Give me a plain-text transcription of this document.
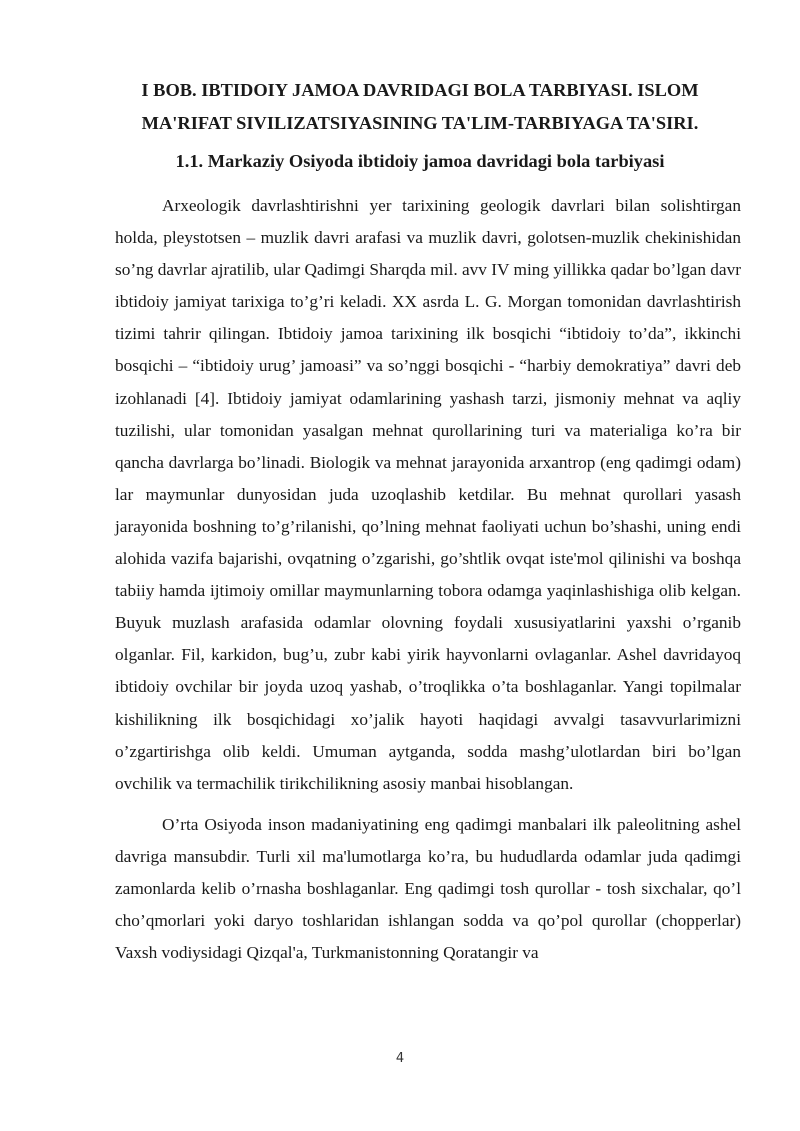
I BOB. IBTIDOIY JAMOA DAVRIDAGI BOLA TARBIYASI. ISLOM
MA'RIFAT SIVILIZATSIYASINING TA'LIM-TARBIYAGA TA'SIRI.
1.1. Markaziy Osiyoda ibtidoiy jamoa davridagi bola tarbiyasi

Arxeologik davrlashtirishni yer tarixining geologik davrlari bilan solishtirgan holda, pleystotsen – muzlik davri arafasi va muzlik davri, golotsen-muzlik chekinishidan so’ng davrlar ajratilib, ular Qadimgi Sharqda mil. avv IV ming yillikka qadar bo’lgan davr ibtidoiy jamiyat tarixiga to’g’ri keladi. XX asrda L. G. Morgan tomonidan davrlashtirish tizimi tahrir qilingan. Ibtidoiy jamoa tarixining ilk bosqichi “ibtidoiy to’da”, ikkinchi bosqichi – “ibtidoiy urug’ jamoasi” va so’nggi bosqichi - “harbiy demokratiya” davri deb izohlanadi [4]. Ibtidoiy jamiyat odamlarining yashash tarzi, jismoniy mehnat va aqliy tuzilishi, ular tomonidan yasalgan mehnat qurollarining turi va materialiga ko’ra bir qancha davrlarga bo’linadi. Biologik va mehnat jarayonida arxantrop (eng qadimgi odam) lar maymunlar dunyosidan juda uzoqlashib ketdilar. Bu mehnat qurollari yasash jarayonida boshning to’g’rilanishi, qo’lning mehnat faoliyati uchun bo’shashi, uning endi alohida vazifa bajarishi, ovqatning o’zgarishi, go’shtlik ovqat iste'mol qilinishi va boshqa tabiiy hamda ijtimoiy omillar maymunlarning tobora odamga yaqinlashishiga olib kelgan. Buyuk muzlash arafasida odamlar olovning foydali xususiyatlarini yaxshi o’rganib olganlar. Fil, karkidon, bug’u, zubr kabi yirik hayvonlarni ovlaganlar. Ashel davridayoq ibtidoiy ovchilar bir joyda uzoq yashab, o’troqlikka o’ta boshlaganlar. Yangi topilmalar kishilikning ilk bosqichidagi xo’jalik hayoti haqidagi avvalgi tasavvurlarimizni o’zgartirishga olib keldi. Umuman aytganda, sodda mashg’ulotlardan biri bo’lgan ovchilik va termachilik tirikchilikning asosiy manbai hisoblangan.

O’rta Osiyoda inson madaniyatining eng qadimgi manbalari ilk paleolitning ashel davriga mansubdir. Turli xil ma'lumotlarga ko’ra, bu hududlarda odamlar juda qadimgi zamonlarda kelib o’rnasha boshlaganlar. Eng qadimgi tosh qurollar - tosh sixchalar, qo’l cho’qmorlari yoki daryo toshlaridan ishlangan sodda va qo’pol qurollar (chopperlar) Vaxsh vodiysidagi Qizqal'a, Turkmanistonning Qoratangir va

4
